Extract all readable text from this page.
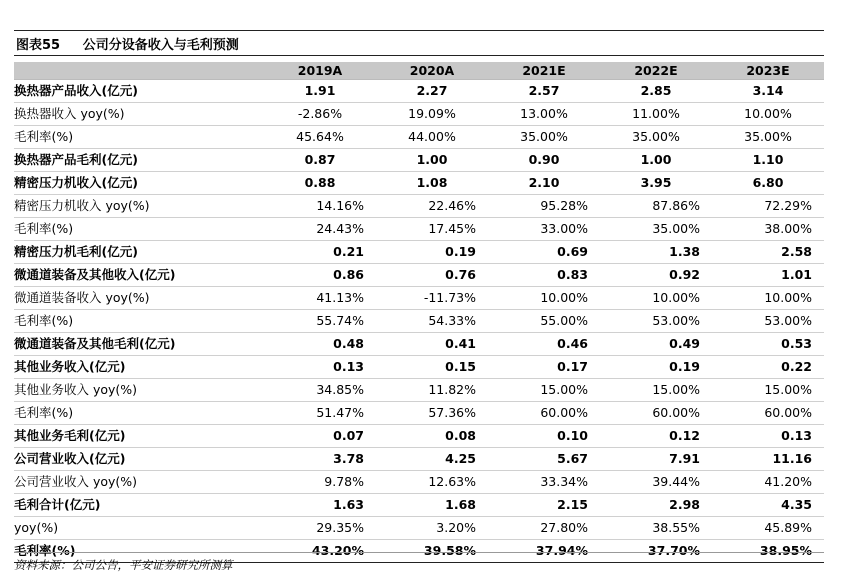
图表55     公司分设备收入与毛利预测
	2019A	2020A	2021E	2022E	2023E
换热器产品收入(亿元)	1.91	2.27	2.57	2.85	3.14
换热器收入 yoy(%)	-2.86%	19.09%	13.00%	11.00%	10.00%
毛利率(%)	45.64%	44.00%	35.00%	35.00%	35.00%
换热器产品毛利(亿元)	0.87	1.00	0.90	1.00	1.10
精密压力机收入(亿元)	0.88	1.08	2.10	3.95	6.80
精密压力机收入 yoy(%)	14.16%	22.46%	95.28%	87.86%	72.29%
毛利率(%)	24.43%	17.45%	33.00%	35.00%	38.00%
精密压力机毛利(亿元)	0.21	0.19	0.69	1.38	2.58
微通道装备及其他收入(亿元)	0.86	0.76	0.83	0.92	1.01
微通道装备收入 yoy(%)	41.13%	-11.73%	10.00%	10.00%	10.00%
毛利率(%)	55.74%	54.33%	55.00%	53.00%	53.00%
微通道装备及其他毛利(亿元)	0.48	0.41	0.46	0.49	0.53
其他业务收入(亿元)	0.13	0.15	0.17	0.19	0.22
其他业务收入 yoy(%)	34.85%	11.82%	15.00%	15.00%	15.00%
毛利率(%)	51.47%	57.36%	60.00%	60.00%	60.00%
其他业务毛利(亿元)	0.07	0.08	0.10	0.12	0.13
公司营业收入(亿元)	3.78	4.25	5.67	7.91	11.16
公司营业收入 yoy(%)	9.78%	12.63%	33.34%	39.44%	41.20%
毛利合计(亿元)	1.63	1.68	2.15	2.98	4.35
yoy(%)	29.35%	3.20%	27.80%	38.55%	45.89%
毛利率(%)	43.20%	39.58%	37.94%	37.70%	38.95%
资料来源：公司公告，平安证券研究所测算
